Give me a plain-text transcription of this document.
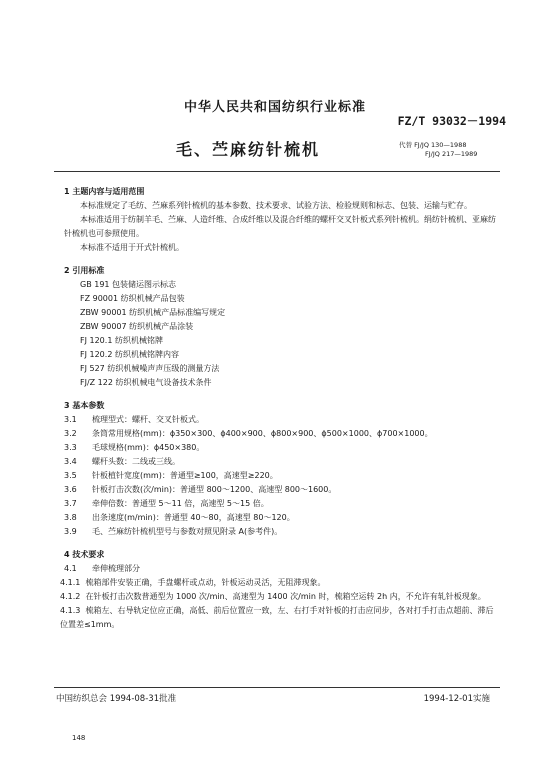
中华人民共和国纺织行业标准
FZ/T 93032－1994
毛、苎麻纺针梳机	代替 FJ/JQ 130—1988
FJ/JQ 217—1989
1 主题内容与适用范围
本标准规定了毛纺、苎麻系列针梳机的基本参数、技术要求、试验方法、检验规则和标志、包装、运输与贮存。
本标准适用于纺制羊毛、苎麻、人造纤维、合成纤维以及混合纤维的螺杆交叉针板式系列针梳机。绢纺针梳机、亚麻纺针梳机也可参照使用。
本标准不适用于开式针梳机。
2 引用标准
GB 191 包装储运图示标志
FZ 90001 纺织机械产品包装
ZBW 90001 纺织机械产品标准编写规定
ZBW 90007 纺织机械产品涂装
FJ 120.1 纺织机械铭牌
FJ 120.2 纺织机械铭牌内容
FJ 527 纺织机械噪声声压级的测量方法
FJ/Z 122 纺织机械电气设备技术条件
3 基本参数
3.1	梳理型式：螺杆、交叉针板式。
3.2	条筒常用规格(mm)：ϕ350×300、ϕ400×900、ϕ800×900、ϕ500×1000、ϕ700×1000。
3.3	毛球规格(mm)：ϕ450×380。
3.4	螺杆头数：二线或三线。
3.5	针板植针宽度(mm)：普通型≥100，高速型≥220。
3.6	针板打击次数(次/min)：普通型 800～1200、高速型 800～1600。
3.7	牵伸倍数：普通型 5～11 倍，高速型 5～15 倍。
3.8	出条速度(m/min)：普通型 40～80，高速型 80～120。
3.9	毛、苎麻纺针梳机型号与参数对照见附录 A(参考件)。
4 技术要求
4.1	牵伸梳理部分
4.1.1 梳箱部件安装正确，手盘螺杆或点动，针板运动灵活，无阻滞现象。
4.1.2 在针板打击次数普通型为 1000 次/min、高速型为 1400 次/min 时，梳箱空运转 2h 内，不允许有轧针板现象。
4.1.3 梳箱左、右导轨定位应正确，高低、前后位置应一致，左、右打手对针板的打击应同步，各对打手打击点超前、滞后位置差≤1mm。
中国纺织总会 1994-08-31批准	1994-12-01实施
148
